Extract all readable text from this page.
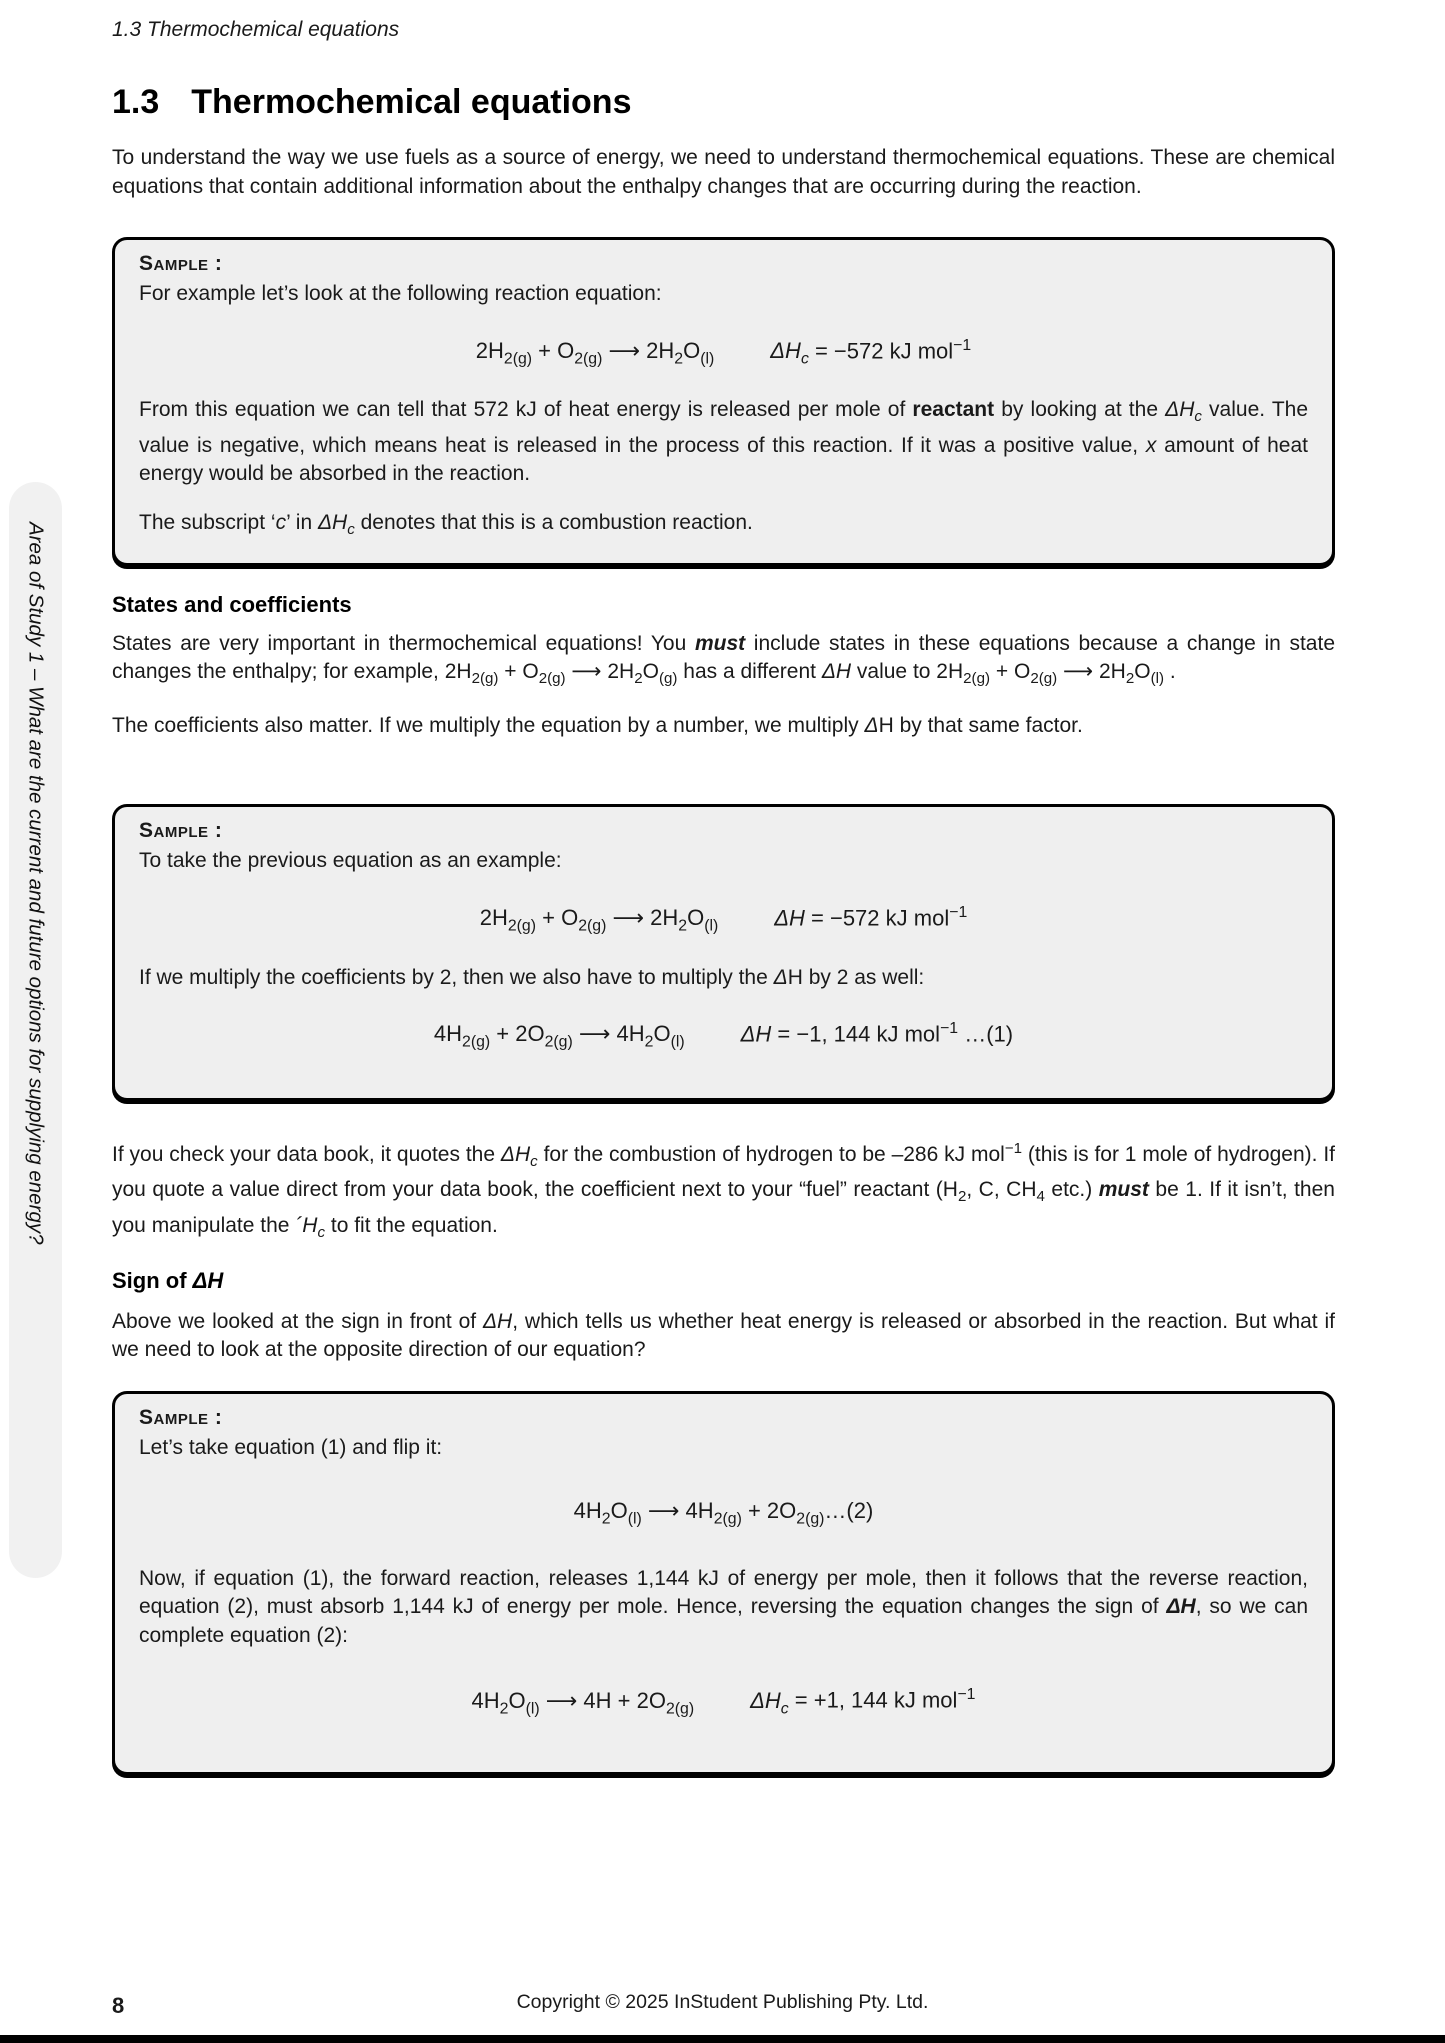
1.3 Thermochemical equations
Area of Study 1 – What are the current and future options for supplying energy?
1.3 Thermochemical equations

To understand the way we use fuels as a source of energy, we need to understand thermochemical equations. These are chemical equations that contain additional information about the enthalpy changes that are occurring during the reaction.

Sample :

For example let’s look at the following reaction equation:

$2H_{2(g)} + O_{2(g)}$ ⟶ $2H_2O_{(l)}$	$\Delta H_c = -572$ kJ mol$^{-1}$

From this equation we can tell that 572 kJ of heat energy is released per mole of reactant by looking at the $\Delta H_c$ value. The value is negative, which means heat is released in the process of this reaction. If it was a positive value, x amount of heat energy would be absorbed in the reaction.

The subscript ‘c’ in $\Delta H_c$ denotes that this is a combustion reaction.

States and coefficients

States are very important in thermochemical equations! You must include states in these equations because a change in state changes the enthalpy; for example, $2H_{2(g)} + O_{2(g)}$ ⟶ $2H_2O_{(g)}$ has a different ΔH value to $2H_{2(g)} + O_{2(g)}$ ⟶ $2H_2O_{(l)}$ .

The coefficients also matter. If we multiply the equation by a number, we multiply ΔH by that same factor.

Sample :

To take the previous equation as an example:

$2H_{2(g)} + O_{2(g)}$ ⟶ $2H_2O_{(l)}$	ΔH = −572 kJ mol$^{-1}$

If we multiply the coefficients by 2, then we also have to multiply the ΔH by 2 as well:

$4H_{2(g)} + 2O_{2(g)}$ ⟶ $4H_2O_{(l)}$	ΔH = −1, 144 kJ mol$^{-1}$ …(1)

If you check your data book, it quotes the $\Delta H_c$ for the combustion of hydrogen to be –286 kJ mol$^{-1}$ (this is for 1 mole of hydrogen). If you quote a value direct from your data book, the coefficient next to your “fuel” reactant ($H_2$, C, $CH_4$ etc.) must be 1. If it isn’t, then you manipulate the $´H_c$ to fit the equation.

Sign of ΔH

Above we looked at the sign in front of ΔH, which tells us whether heat energy is released or absorbed in the reaction. But what if we need to look at the opposite direction of our equation?

Sample :

Let’s take equation (1) and flip it:

$4H_2O_{(l)}$ ⟶ $4H_{2(g)}$ + $2O_{2(g)}\dots(2)$

Now, if equation (1), the forward reaction, releases 1,144 kJ of energy per mole, then it follows that the reverse reaction, equation (2), must absorb 1,144 kJ of energy per mole. Hence, reversing the equation changes the sign of ΔH, so we can complete equation (2):

$4H_2O_{(l)}$ ⟶ $4H + 2O_{2(g)}$	$\Delta H_c = +1$, 144 kJ mol$^{-1}$
8	Copyright © 2025 InStudent Publishing Pty. Ltd.
